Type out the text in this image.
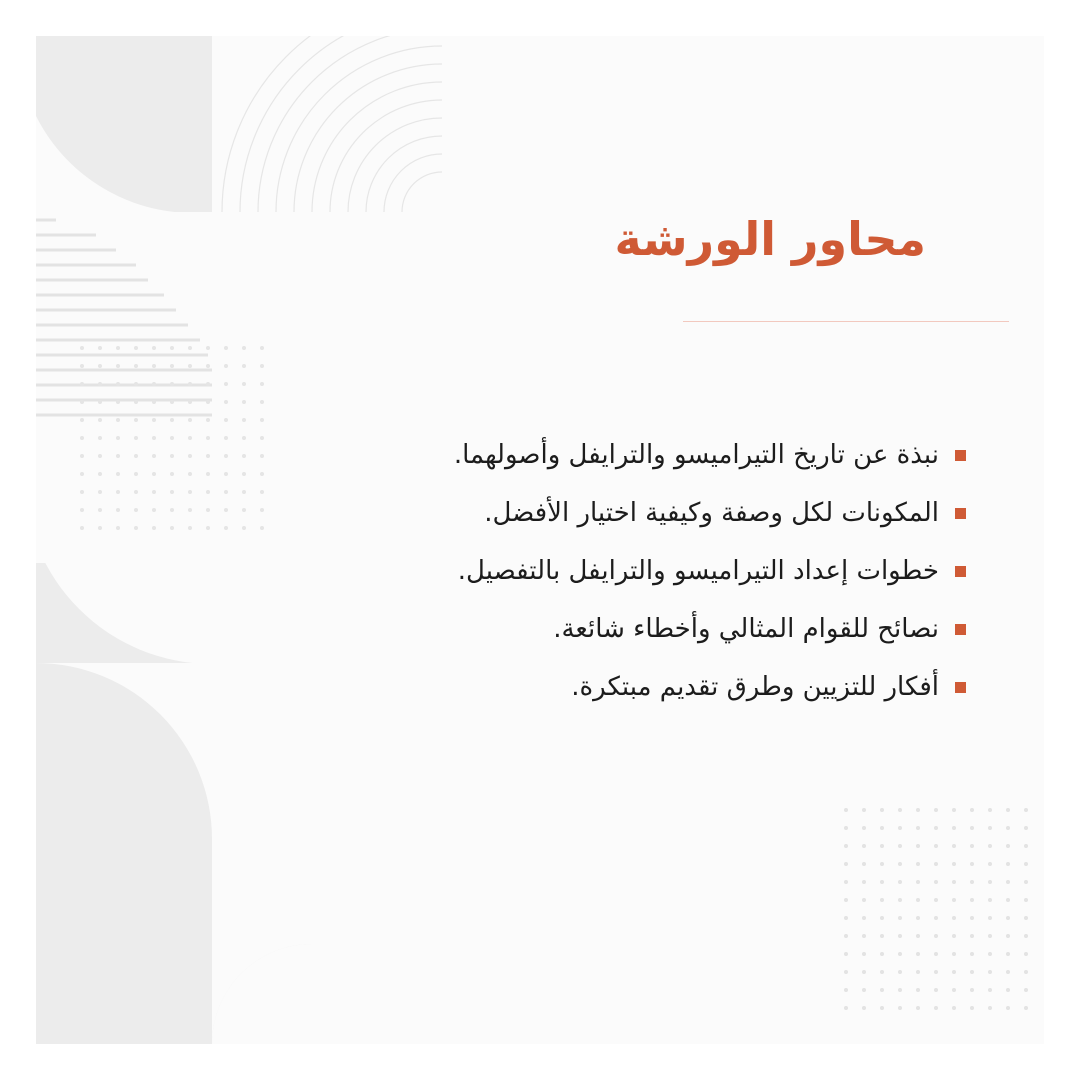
محاور الورشة
نبذة عن تاريخ التيراميسو والترايفل وأصولهما.
المكونات لكل وصفة وكيفية اختيار الأفضل.
خطوات إعداد التيراميسو والترايفل بالتفصيل.
نصائح للقوام المثالي وأخطاء شائعة.
أفكار للتزيين وطرق تقديم مبتكرة.
